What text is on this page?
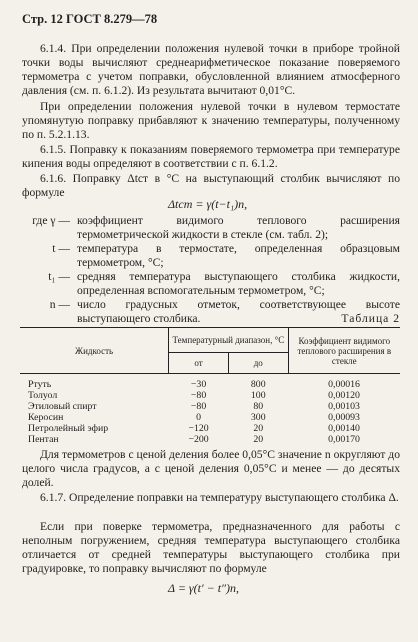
Стр. 12 ГОСТ 8.279—78

6.1.4. При определении положения нулевой точки в приборе тройной точки воды вычисляют среднеарифметическое показание поверяемого термометра с учетом поправки, обусловленной влиянием атмосферного давления (см. п. 6.1.2). Из результата вычитают 0,01°C.

При определении положения нулевой точки в нулевом термостате упомянутую поправку прибавляют к значению температуры, полученному по п. 5.2.1.13.

6.1.5. Поправку к показаниям поверяемого термометра при температуре кипения воды определяют в соответствии с п. 6.1.2.

6.1.6. Поправку Δtст в °C на выступающий столбик вычисляют по формуле

Δtст = γ(t−t₁)n,
где γ — коэффициент видимого теплового расширения термометрической жидкости в стекле (см. табл. 2);
t — температура в термостате, определенная образцовым термометром, °C;
t₁ — средняя температура выступающего столбика жидкости, определенная вспомогательным термометром, °C;
n — число градусных отметок, соответствующее высоте выступающего столбика.	Таблица 2
Жидкость	Температурный диапазон, °C		Коэффициент видимого теплового расширения в стекле
	от	до	

Ртуть	−30	800	0,00016
Толуол	−80	100	0,00120
Этиловый спирт	−80	80	0,00103
Керосин	0	300	0,00093
Петролейный эфир	−120	20	0,00140
Пентан	−200	20	0,00170

Для термометров с ценой деления более 0,05°C значение n округляют до целого числа градусов, а с ценой деления 0,05°C и менее — до десятых долей.

6.1.7. Определение поправки на температуру выступающего столбика Δ.

Если при поверке термометра, предназначенного для работы с неполным погружением, средняя температура выступающего столбика отличается от средней температуры выступающего столбика при градуировке, то поправку вычисляют по формуле

Δ = γ(t′ − t″)n,
